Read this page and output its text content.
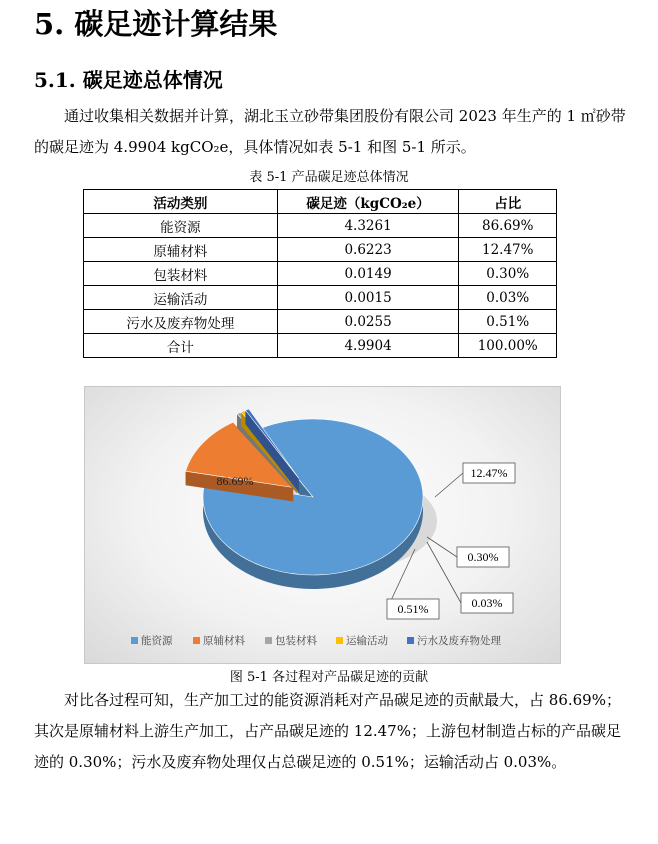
5. 碳足迹计算结果
5.1. 碳足迹总体情况

通过收集相关数据并计算，湖北玉立砂带集团股份有限公司 2023 年生产的 1 ㎡砂带的碳足迹为 4.9904 kgCO₂e，具体情况如表 5-1 和图 5-1 所示。

表 5-1 产品碳足迹总体情况
活动类别	碳足迹（kgCO₂e）	占比
能资源	4.3261	86.69%
原辅材料	0.6223	12.47%
包装材料	0.0149	0.30%
运输活动	0.0015	0.03%
污水及废弃物处理	0.0255	0.51%
合计	4.9904	100.00%
86.69%
12.47%
0.30%
0.03%
0.51%
能资源	原辅材料	包装材料	运输活动	污水及废弃物处理
图 5-1 各过程对产品碳足迹的贡献

对比各过程可知，生产加工过的能资源消耗对产品碳足迹的贡献最大，占 86.69%；其次是原辅材料上游生产加工，占产品碳足迹的 12.47%；上游包材制造占标的产品碳足迹的 0.30%；污水及废弃物处理仅占总碳足迹的 0.51%；运输活动占 0.03%。
